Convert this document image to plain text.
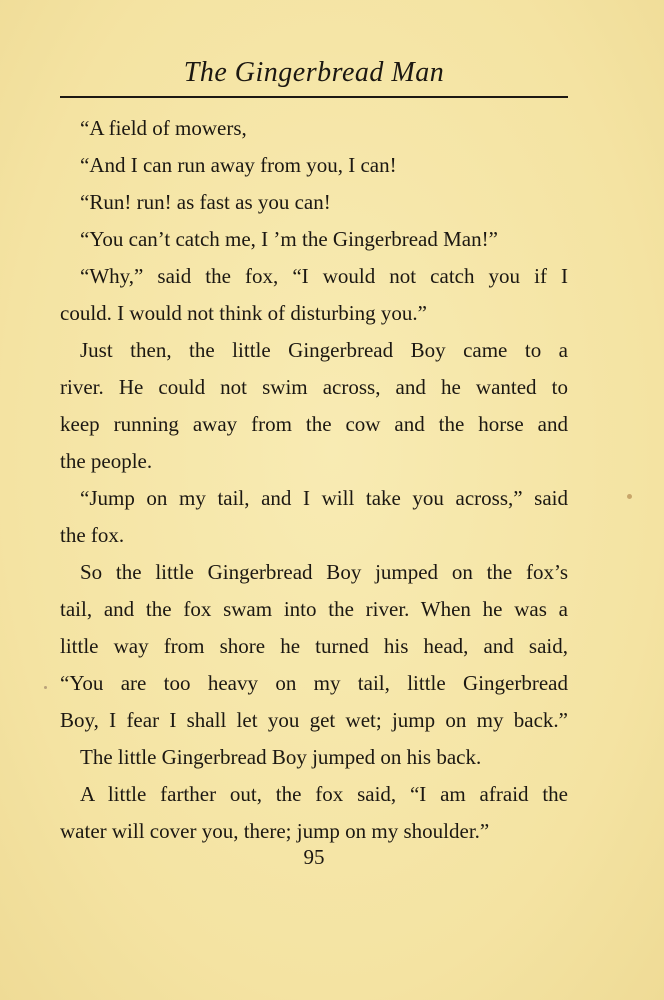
The Gingerbread Man
“A field of mowers,
“And I can run away from you, I can!
“Run! run! as fast as you can!
“You can’t catch me, I ’m the Gingerbread Man!”
“Why,” said the fox, “I would not catch you if I
could. I would not think of disturbing you.”
Just then, the little Gingerbread Boy came to a
river. He could not swim across, and he wanted to
keep running away from the cow and the horse and
the people.
“Jump on my tail, and I will take you across,” said
the fox.
So the little Gingerbread Boy jumped on the fox’s
tail, and the fox swam into the river. When he was a
little way from shore he turned his head, and said,
“You are too heavy on my tail, little Gingerbread
Boy, I fear I shall let you get wet; jump on my back.”
The little Gingerbread Boy jumped on his back.
A little farther out, the fox said, “I am afraid the
water will cover you, there; jump on my shoulder.”
95
